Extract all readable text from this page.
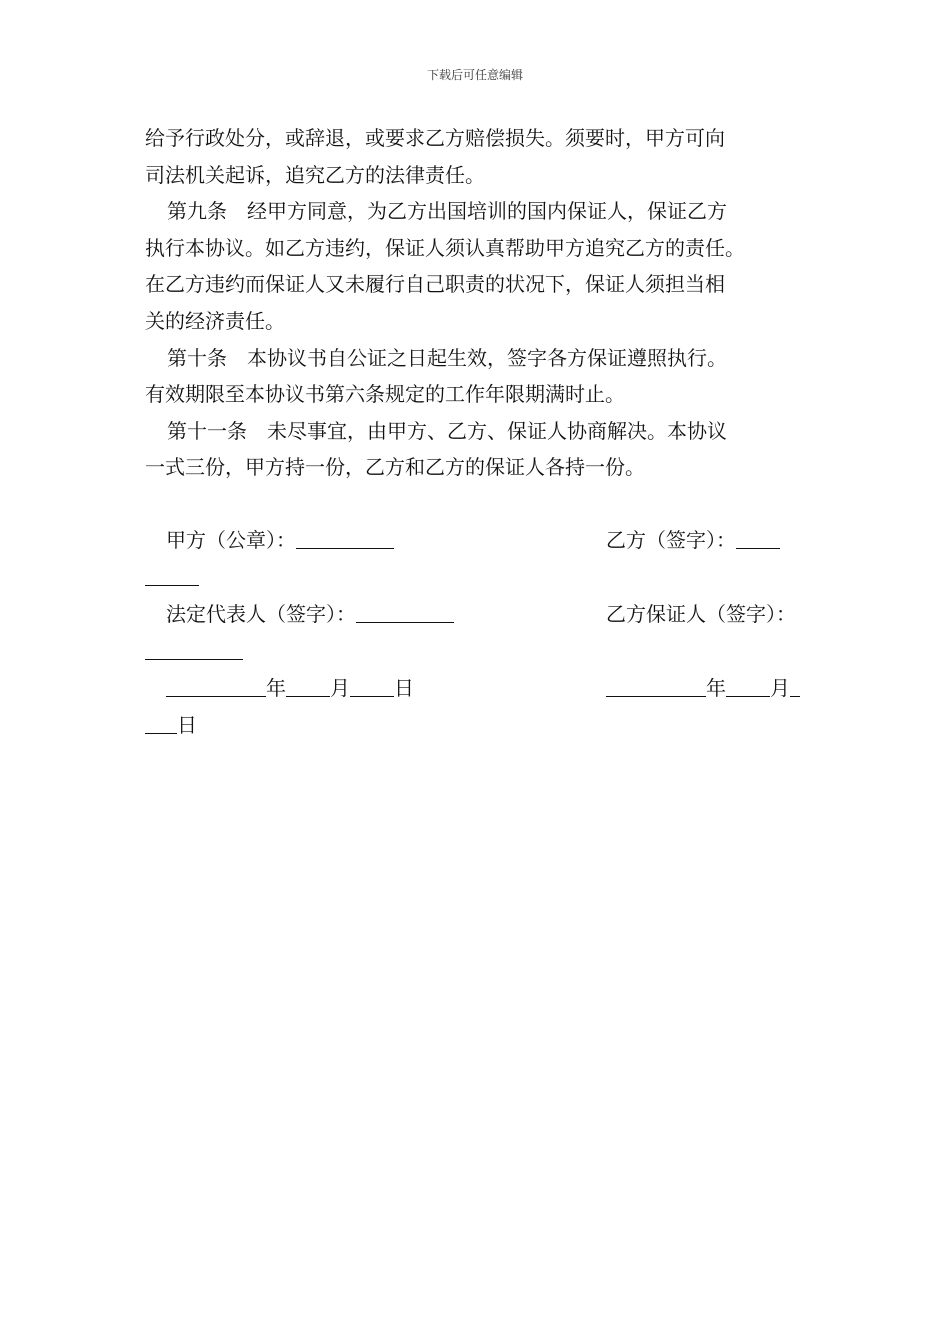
下载后可任意编辑

给予行政处分，或辞退，或要求乙方赔偿损失。须要时，甲方可向

司法机关起诉，追究乙方的法律责任。

第九条　经甲方同意，为乙方出国培训的国内保证人，保证乙方

执行本协议。如乙方违约，保证人须认真帮助甲方追究乙方的责任。

在乙方违约而保证人又未履行自己职责的状况下，保证人须担当相

关的经济责任。

第十条　本协议书自公证之日起生效，签字各方保证遵照执行。

有效期限至本协议书第六条规定的工作年限期满时止。

第十一条　未尽事宜，由甲方、乙方、保证人协商解决。本协议

一式三份，甲方持一份，乙方和乙方的保证人各持一份。

甲方（公章）：	乙方（签字）：
法定代表人（签字）：	乙方保证人（签字）：
年 月 日	年 月
日
